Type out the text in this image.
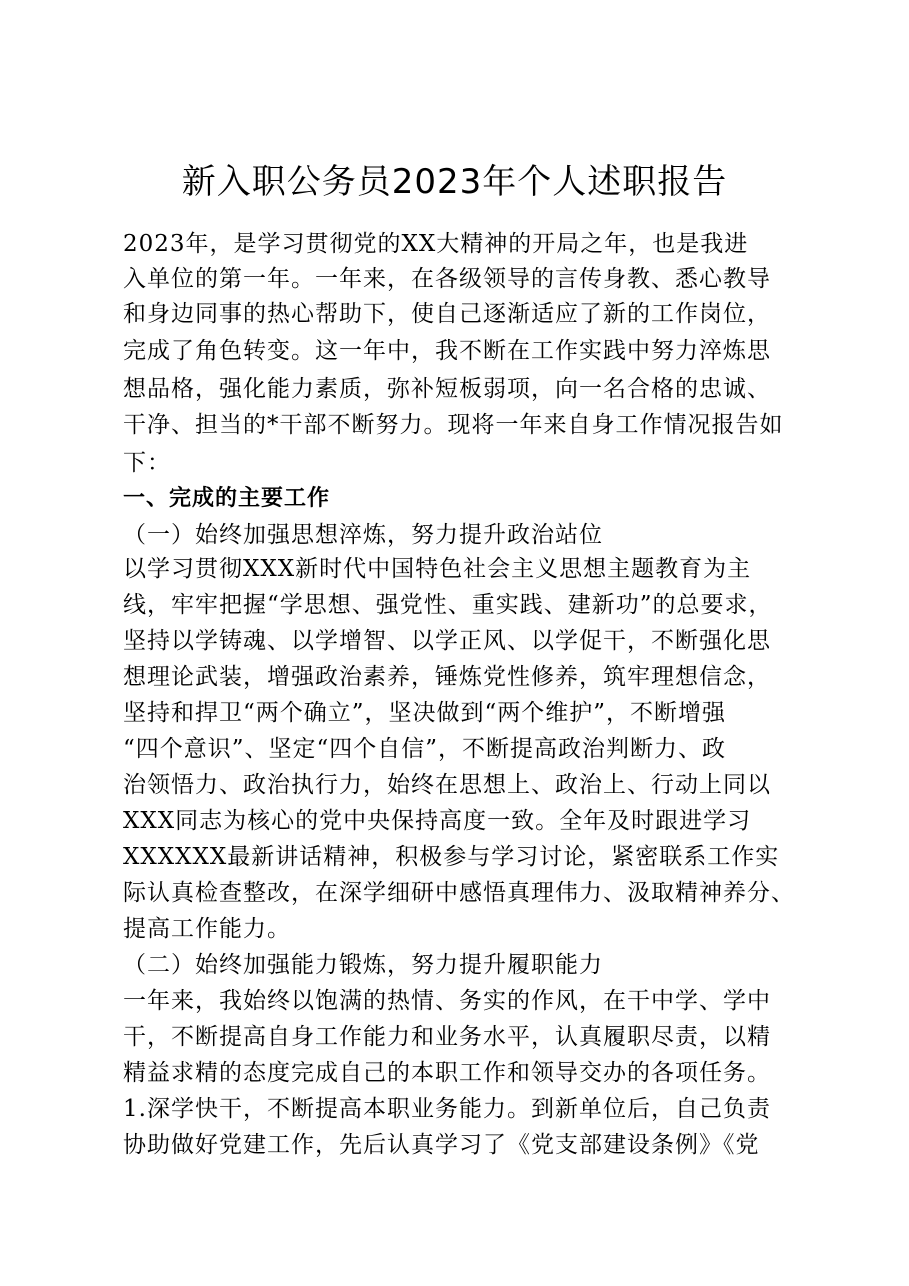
新入职公务员2023年个人述职报告
2023年，是学习贯彻党的XX大精神的开局之年，也是我进
入单位的第一年。一年来，在各级领导的言传身教、悉心教导
和身边同事的热心帮助下，使自己逐渐适应了新的工作岗位，
完成了角色转变。这一年中，我不断在工作实践中努力淬炼思
想品格，强化能力素质，弥补短板弱项，向一名合格的忠诚、
干净、担当的*干部不断努力。现将一年来自身工作情况报告如
下：
一、完成的主要工作
（一）始终加强思想淬炼，努力提升政治站位
以学习贯彻XXX新时代中国特色社会主义思想主题教育为主
线，牢牢把握“学思想、强党性、重实践、建新功”的总要求，
坚持以学铸魂、以学增智、以学正风、以学促干，不断强化思
想理论武装，增强政治素养，锤炼党性修养，筑牢理想信念，
坚持和捍卫“两个确立”，坚决做到“两个维护”，不断增强
“四个意识”、坚定“四个自信”，不断提高政治判断力、政
治领悟力、政治执行力，始终在思想上、政治上、行动上同以
XXX同志为核心的党中央保持高度一致。全年及时跟进学习
XXXXXX最新讲话精神，积极参与学习讨论，紧密联系工作实
际认真检查整改，在深学细研中感悟真理伟力、汲取精神养分、
提高工作能力。
（二）始终加强能力锻炼，努力提升履职能力
一年来，我始终以饱满的热情、务实的作风，在干中学、学中
干，不断提高自身工作能力和业务水平，认真履职尽责，以精
精益求精的态度完成自己的本职工作和领导交办的各项任务。
1.深学快干，不断提高本职业务能力。到新单位后，自己负责
协助做好党建工作，先后认真学习了《党支部建设条例》《党
